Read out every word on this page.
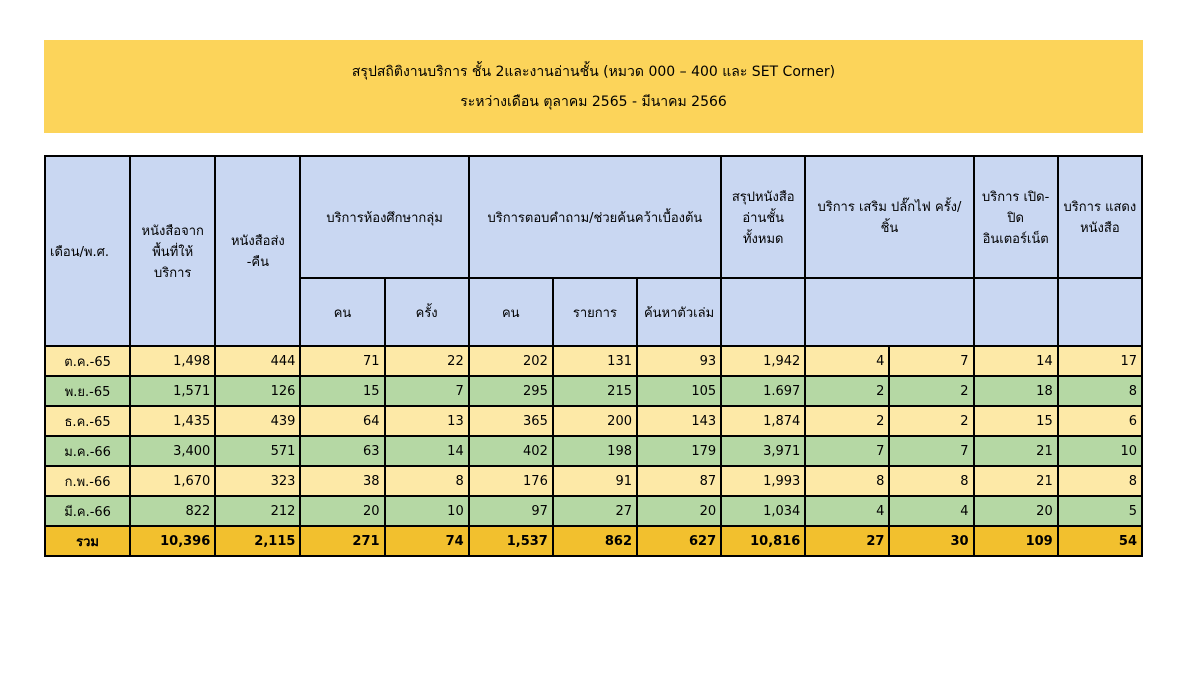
สรุปสถิติงานบริการ ชั้น 2และงานอ่านชั้น (หมวด 000 – 400 และ SET Corner)
ระหว่างเดือน ตุลาคม 2565 - มีนาคม 2566
เดือน/พ.ศ.	หนังสือจากพื้นที่ให้บริการ	หนังสือส่ง -คืน	บริการห้องศึกษากลุ่ม		บริการตอบคำถาม/ช่วยค้นคว้าเบื้องต้น			สรุปหนังสืออ่านชั้นทั้งหมด	บริการ เสริม ปลั๊กไฟ ครั้ง/ชิ้น		บริการ เปิด-ปิด อินเตอร์เน็ต	บริการ แสดงหนังสือ
			คน	ครั้ง	คน	รายการ	ค้นหาตัวเล่ม					
ต.ค.-65	1,498	444	71	22	202	131	93	1,942	4	7	14	17
พ.ย.-65	1,571	126	15	7	295	215	105	1.697	2	2	18	8
ธ.ค.-65	1,435	439	64	13	365	200	143	1,874	2	2	15	6
ม.ค.-66	3,400	571	63	14	402	198	179	3,971	7	7	21	10
ก.พ.-66	1,670	323	38	8	176	91	87	1,993	8	8	21	8
มี.ค.-66	822	212	20	10	97	27	20	1,034	4	4	20	5
รวม	10,396	2,115	271	74	1,537	862	627	10,816	27	30	109	54
